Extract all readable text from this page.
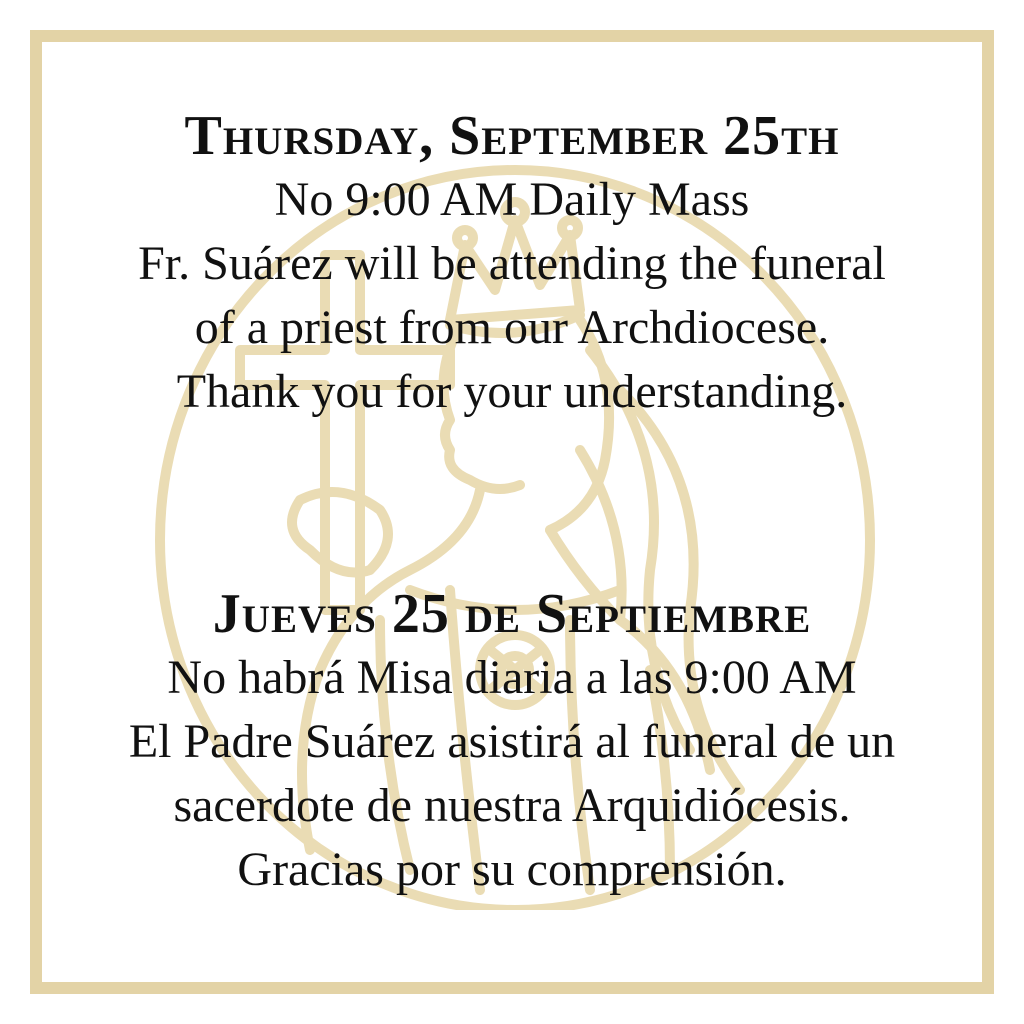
Thursday, September 25th

No 9:00 AM Daily Mass

Fr. Suárez will be attending the funeral

of a priest from our Archdiocese.

Thank you for your understanding.

Jueves 25 de Septiembre

No habrá Misa diaria a las 9:00 AM

El Padre Suárez asistirá al funeral de un

sacerdote de nuestra Arquidiócesis.

Gracias por su comprensión.
